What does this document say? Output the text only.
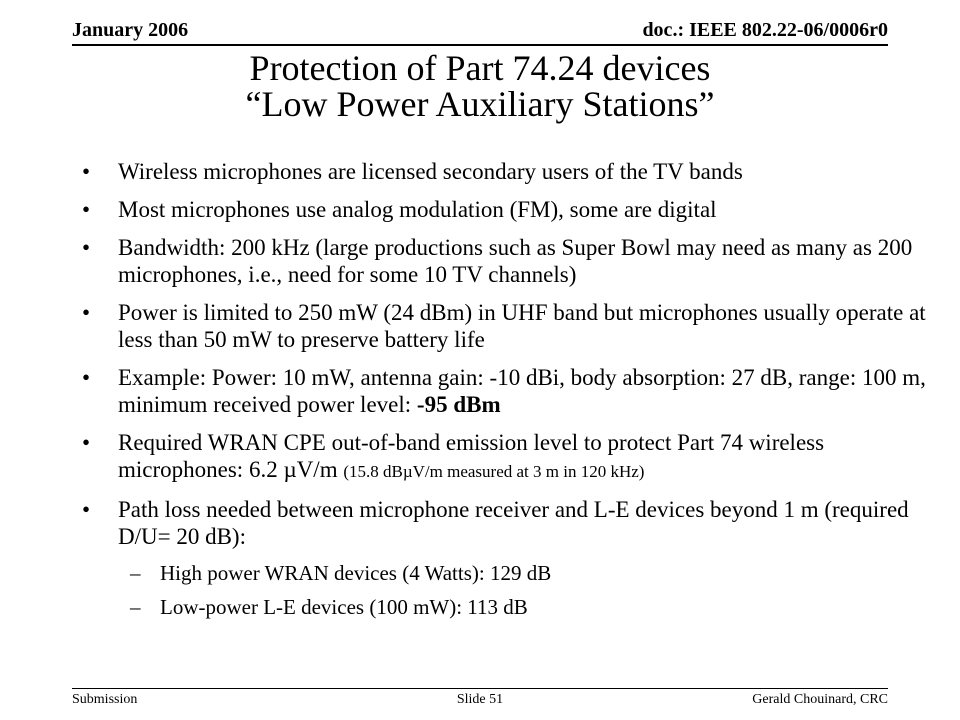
January 2006	doc.: IEEE 802.22-06/0006r0
Protection of Part 74.24 devices
“Low Power Auxiliary Stations”
• Wireless microphones are licensed secondary users of the TV bands
• Most microphones use analog modulation (FM), some are digital
• Bandwidth: 200 kHz (large productions such as Super Bowl may need as many as 200 microphones, i.e., need for some 10 TV channels)
• Power is limited to 250 mW (24 dBm) in UHF band but microphones usually operate at less than 50 mW to preserve battery life
• Example: Power: 10 mW, antenna gain: -10 dBi, body absorption: 27 dB, range: 100 m, minimum received power level: -95 dBm
• Required WRAN CPE out-of-band emission level to protect Part 74 wireless microphones: 6.2 µV/m (15.8 dBµV/m measured at 3 m in 120 kHz)
• Path loss needed between microphone receiver and L-E devices beyond 1 m (required D/U= 20 dB):
– High power WRAN devices (4 Watts): 129 dB
– Low-power L-E devices (100 mW): 113 dB
Submission	Slide 51	Gerald Chouinard, CRC
